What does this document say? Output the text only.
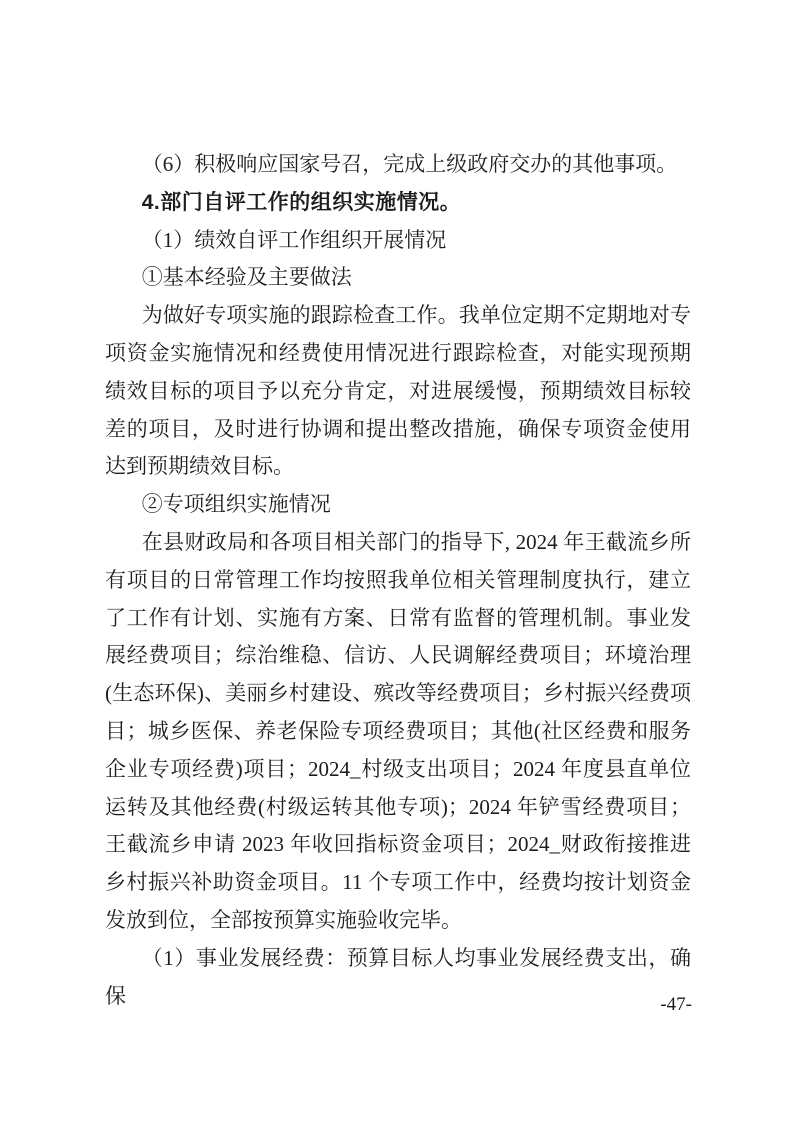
（6）积极响应国家号召，完成上级政府交办的其他事项。

4.部门自评工作的组织实施情况。

（1）绩效自评工作组织开展情况

①基本经验及主要做法

为做好专项实施的跟踪检查工作。我单位定期不定期地对专项资金实施情况和经费使用情况进行跟踪检查，对能实现预期绩效目标的项目予以充分肯定，对进展缓慢，预期绩效目标较差的项目，及时进行协调和提出整改措施，确保专项资金使用达到预期绩效目标。

②专项组织实施情况

在县财政局和各项目相关部门的指导下, 2024 年王截流乡所有项目的日常管理工作均按照我单位相关管理制度执行，建立了工作有计划、实施有方案、日常有监督的管理机制。事业发展经费项目；综治维稳、信访、人民调解经费项目；环境治理(生态环保)、美丽乡村建设、殡改等经费项目；乡村振兴经费项目；城乡医保、养老保险专项经费项目；其他(社区经费和服务企业专项经费)项目；2024_村级支出项目；2024 年度县直单位运转及其他经费(村级运转其他专项)；2024 年铲雪经费项目；王截流乡申请 2023 年收回指标资金项目；2024_财政衔接推进乡村振兴补助资金项目。11 个专项工作中，经费均按计划资金发放到位，全部按预算实施验收完毕。

（1）事业发展经费：预算目标人均事业发展经费支出，确保	-47-
